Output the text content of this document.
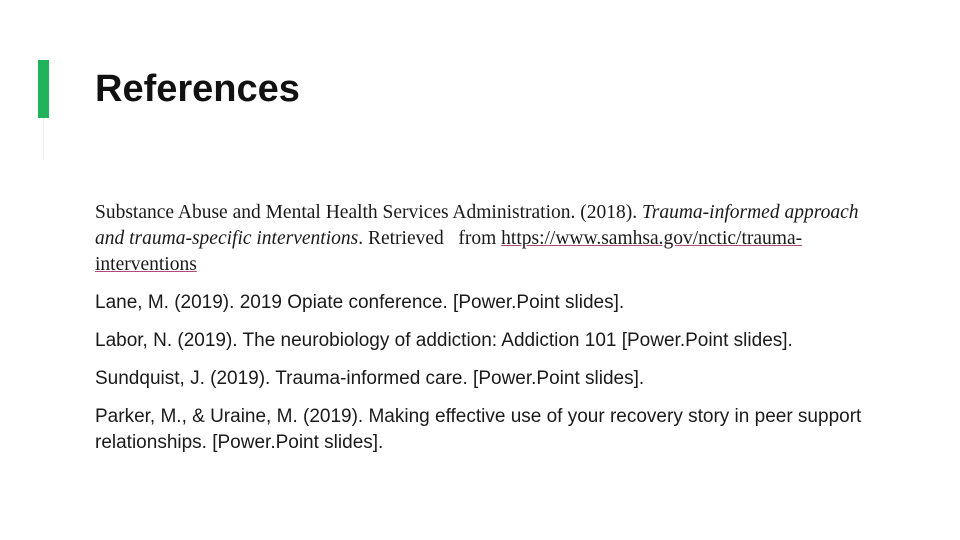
References

Substance Abuse and Mental Health Services Administration. (2018). Trauma-informed approach and trauma-specific interventions. Retrieved   from https://www.samhsa.gov/nctic/trauma-interventions

Lane, M. (2019). 2019 Opiate conference. [Power.Point slides].

Labor, N. (2019). The neurobiology of addiction: Addiction 101 [Power.Point slides].

Sundquist, J. (2019). Trauma-informed care. [Power.Point slides].

Parker, M., & Uraine, M. (2019). Making effective use of your recovery story in peer support relationships. [Power.Point slides].
